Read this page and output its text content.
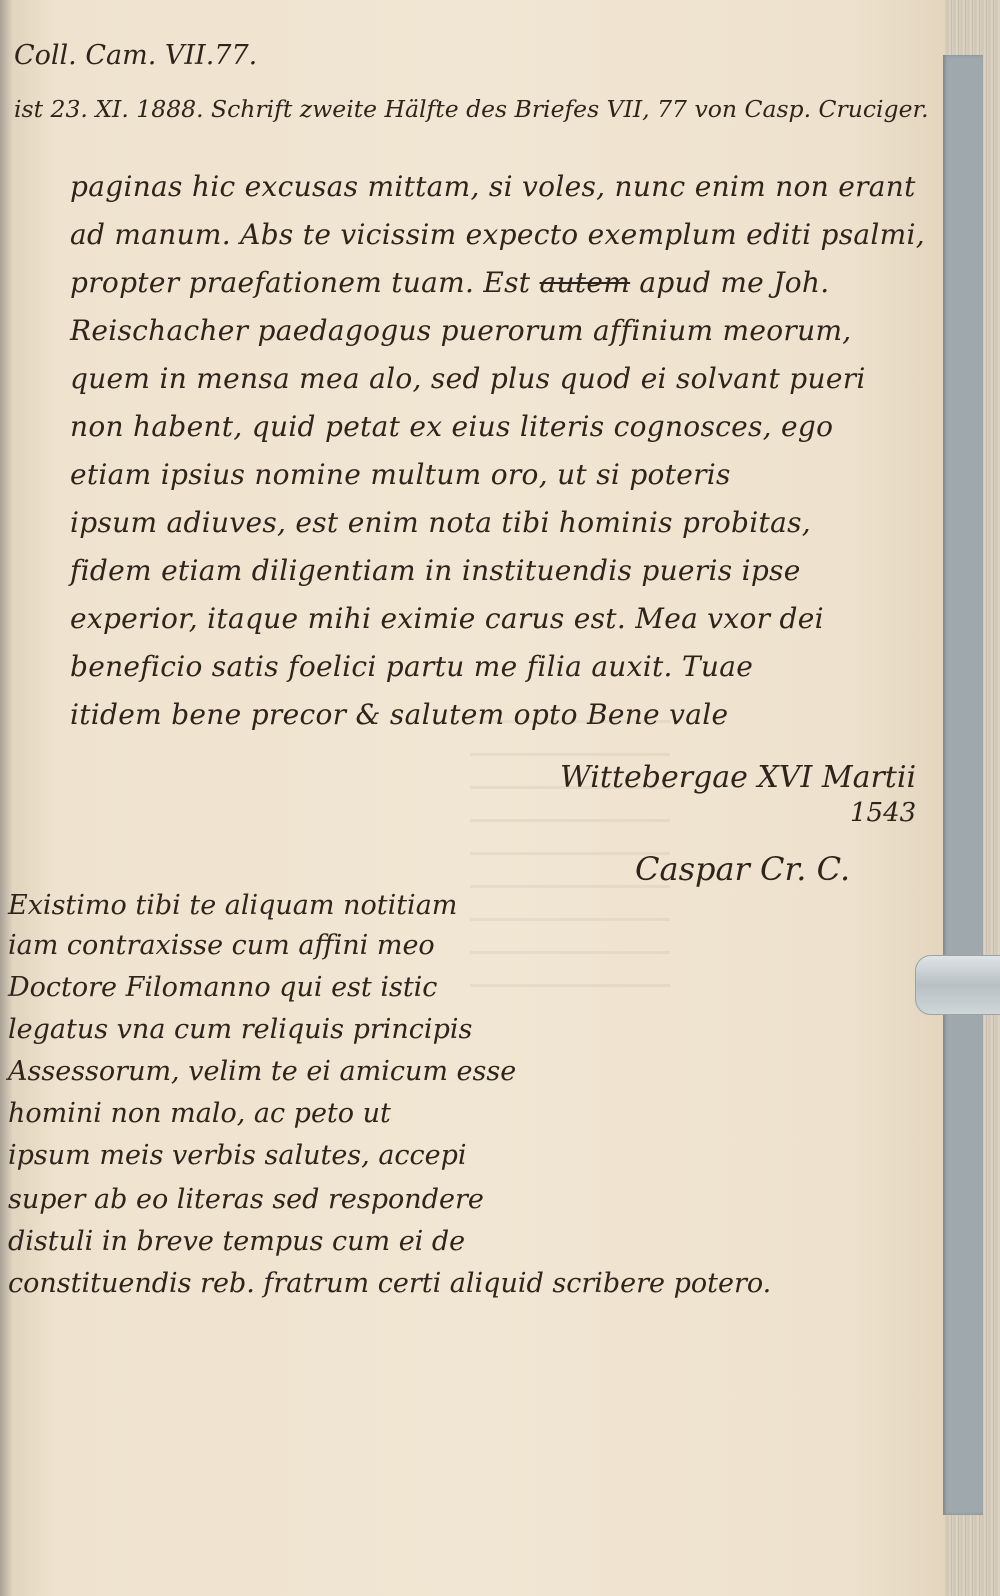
Coll. Cam. VII.77.
ist 23. XI. 1888. Schrift zweite Hälfte des Briefes VII, 77 von Casp. Cruciger.
paginas hic excusas mittam, si voles, nunc enim non erant
ad manum. Abs te vicissim expecto exemplum editi psalmi,
propter praefationem tuam. Est autem apud me Joh.
Reischacher paedagogus puerorum affinium meorum,
quem in mensa mea alo, sed plus quod ei solvant pueri
non habent, quid petat ex eius literis cognosces, ego
etiam ipsius nomine multum oro, ut si poteris
ipsum adiuves, est enim nota tibi hominis probitas,
fidem etiam diligentiam in instituendis pueris ipse
experior, itaque mihi eximie carus est. Mea vxor dei
beneficio satis foelici partu me filia auxit. Tuae
itidem bene precor & salutem opto Bene vale
Wittebergae XVI Martii
1543
Caspar Cr. C.
Existimo tibi te aliquam notitiam
iam contraxisse cum affini meo
Doctore Filomanno qui est istic
legatus vna cum reliquis principis
Assessorum, velim te ei amicum esse
homini non malo, ac peto ut
ipsum meis verbis salutes, accepi
super ab eo literas sed respondere
distuli in breve tempus cum ei de
constituendis reb. fratrum certi aliquid scribere potero.
